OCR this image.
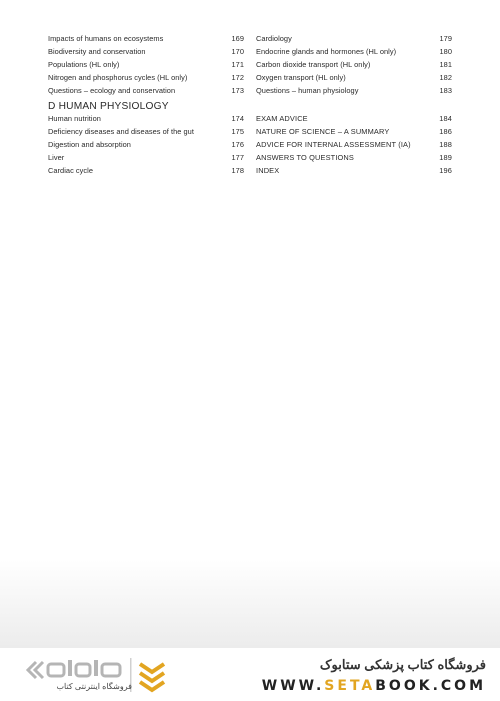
Impacts of humans on ecosystems	169
Biodiversity and conservation	170
Populations (HL only)	171
Nitrogen and phosphorus cycles (HL only)	172
Questions – ecology and conservation	173
D HUMAN PHYSIOLOGY
Human nutrition	174
Deficiency diseases and diseases of the gut	175
Digestion and absorption	176
Liver	177
Cardiac cycle	178
Cardiology	179
Endocrine glands and hormones (HL only)	180
Carbon dioxide transport (HL only)	181
Oxygen transport (HL only)	182
Questions – human physiology	183
EXAM ADVICE	184
NATURE OF SCIENCE – A SUMMARY	186
ADVICE FOR INTERNAL ASSESSMENT (IA)	188
ANSWERS TO QUESTIONS	189
INDEX	196
فروشگاه اینترنتی کتاب
فروشگاه کتاب پزشکی ستابوک
WWW.SETABOOK.COM
